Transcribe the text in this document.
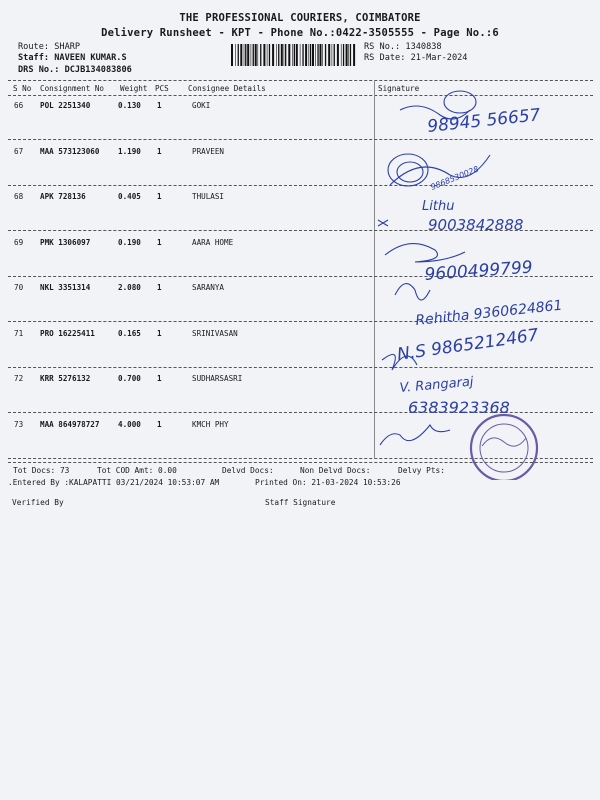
THE PROFESSIONAL COURIERS, COIMBATORE
Delivery Runsheet - KPT - Phone No.:0422-3505555 - Page No.:6
Route: SHARP
Staff: NAVEEN KUMAR.S
DRS No.: DCJB134083806
RS No.: 1340838
RS Date: 21-Mar-2024
S No Consignment No Weight PCS	Consignee Details	Signature
66 POL 2251340	0.130 1	GOKI
67 MAA 573123060 1.190 1	PRAVEEN
68 APK 728136	0.405 1	THULASI
69 PMK 1306097	0.190 1	AARA HOME
70 NKL 3351314	2.080 1	SARANYA
71 PRO 16225411	0.165 1	SRINIVASAN
72 KRR 5276132	0.700 1	SUDHARSASRI
73 MAA 864978727 4.000 1	KMCH PHY
98945 56657
9868530028
Lithu
9003842888
9600499799
Rehitha 9360624861
N.S 9865212467
V. Rangaraj
6383923368
Tot Docs: 73	Tot COD Amt: 0.00	Delvd Docs:	Non Delvd Docs:	Delvy Pts:
.Entered By :KALAPATTI 03/21/2024 10:53:07 AM	Printed On: 21-03-2024 10:53:26
Verified By	Staff Signature
